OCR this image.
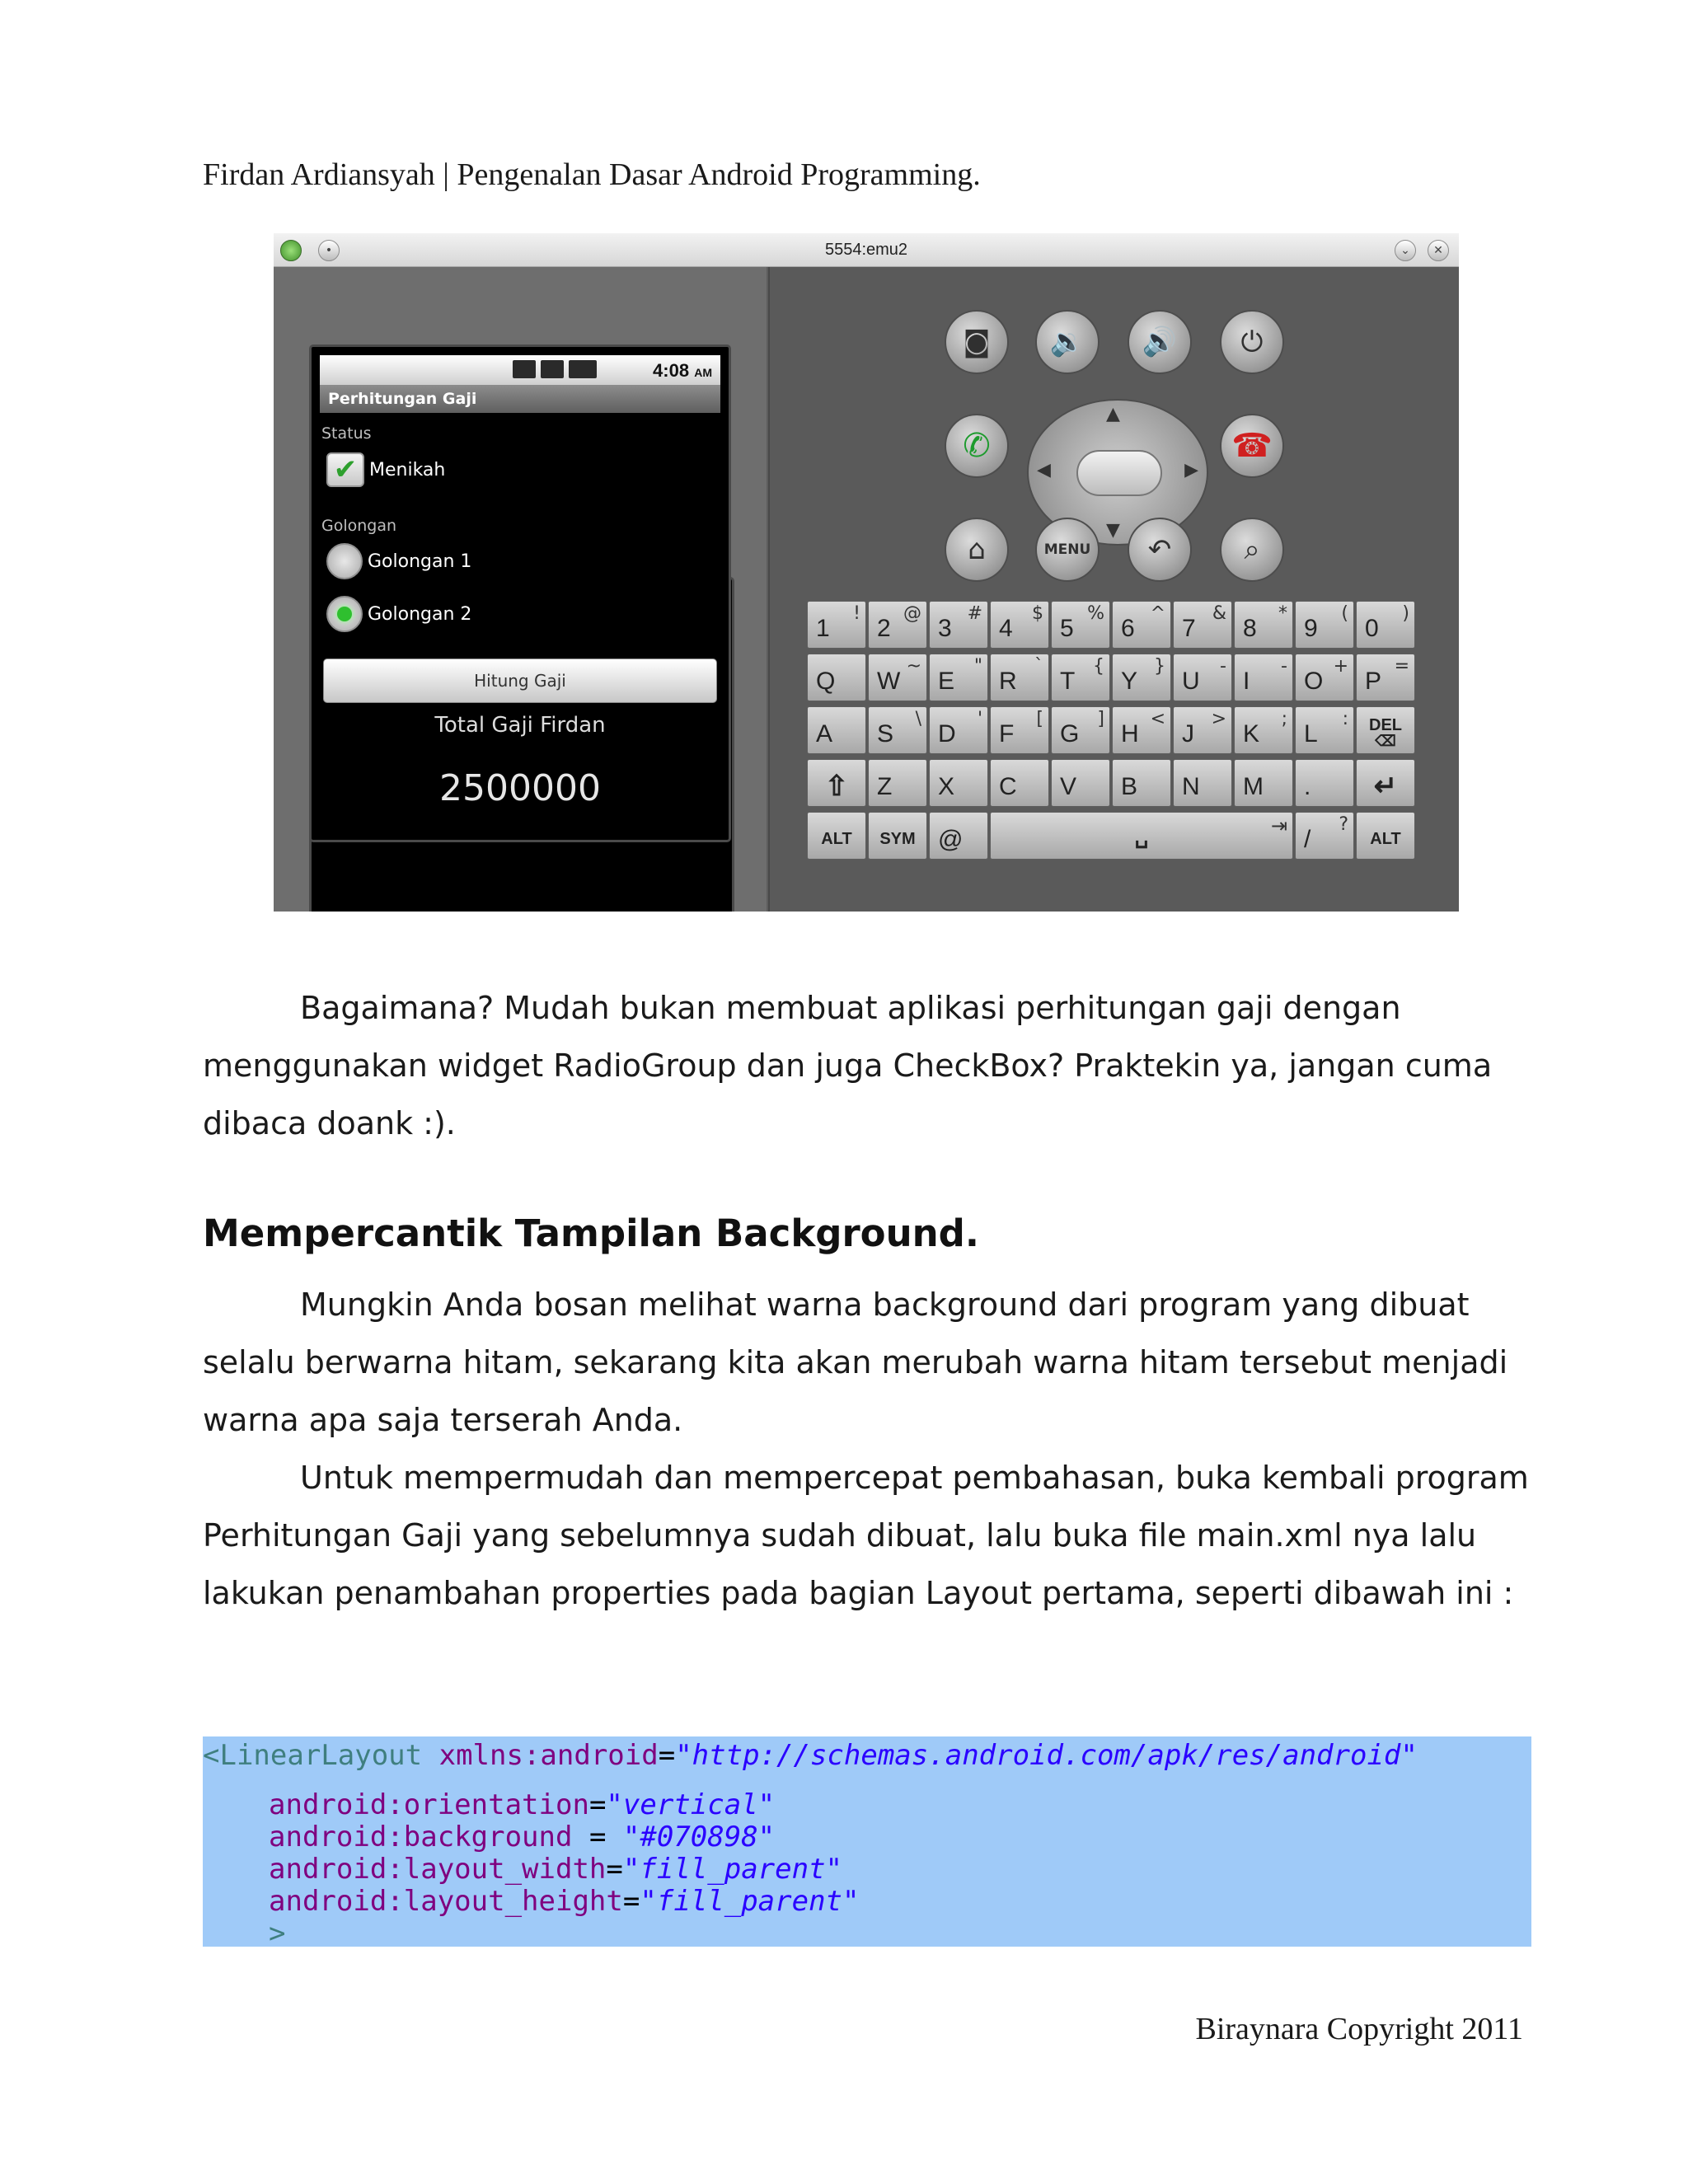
Firdan Ardiansyah | Pengenalan Dasar Android Programming.
•	5554:emu2	⌄	✕
4:08 AM
Perhitungan Gaji
Status
✔ Menikah
Golongan
Golongan 1
Golongan 2
Hitung Gaji
Total Gaji Firdan
2500000
◙	🔉	🔊	⏻
✆
▲
▼
◀	▶
☎
⌂	MENU	↶	⌕
1
!
2
@
3
#
4
$
5
%
6
^
7
&
8
*
9
(
0
)
Q W
~
E
"
R
`
T
{
Y
}
U
-
I
-
O
+
P
=
A S
\
D
'
F
[
G
]
H
<
J
>
K
;
L
:	DEL
⌫
⇧	Z X C V B N M .	↵
ALT	SYM @	␣	⇥ /
?
ALT
Bagaimana? Mudah bukan membuat aplikasi perhitungan gaji dengan menggunakan widget RadioGroup dan juga CheckBox? Praktekin ya, jangan cuma dibaca doank :).
Mempercantik Tampilan Background.
Mungkin Anda bosan melihat warna background dari program yang dibuat selalu berwarna hitam, sekarang kita akan merubah warna hitam tersebut menjadi warna apa saja terserah Anda.
Untuk mempermudah dan mempercepat pembahasan, buka kembali program Perhitungan Gaji yang sebelumnya sudah dibuat, lalu buka file main.xml nya lalu lakukan penambahan properties pada bagian Layout pertama, seperti dibawah ini :
<LinearLayout xmlns:android="http://schemas.android.com/apk/res/android"
android:orientation="vertical"
android:background = "#070898"
android:layout_width="fill_parent"
android:layout_height="fill_parent"
>
Biraynara Copyright 2011
